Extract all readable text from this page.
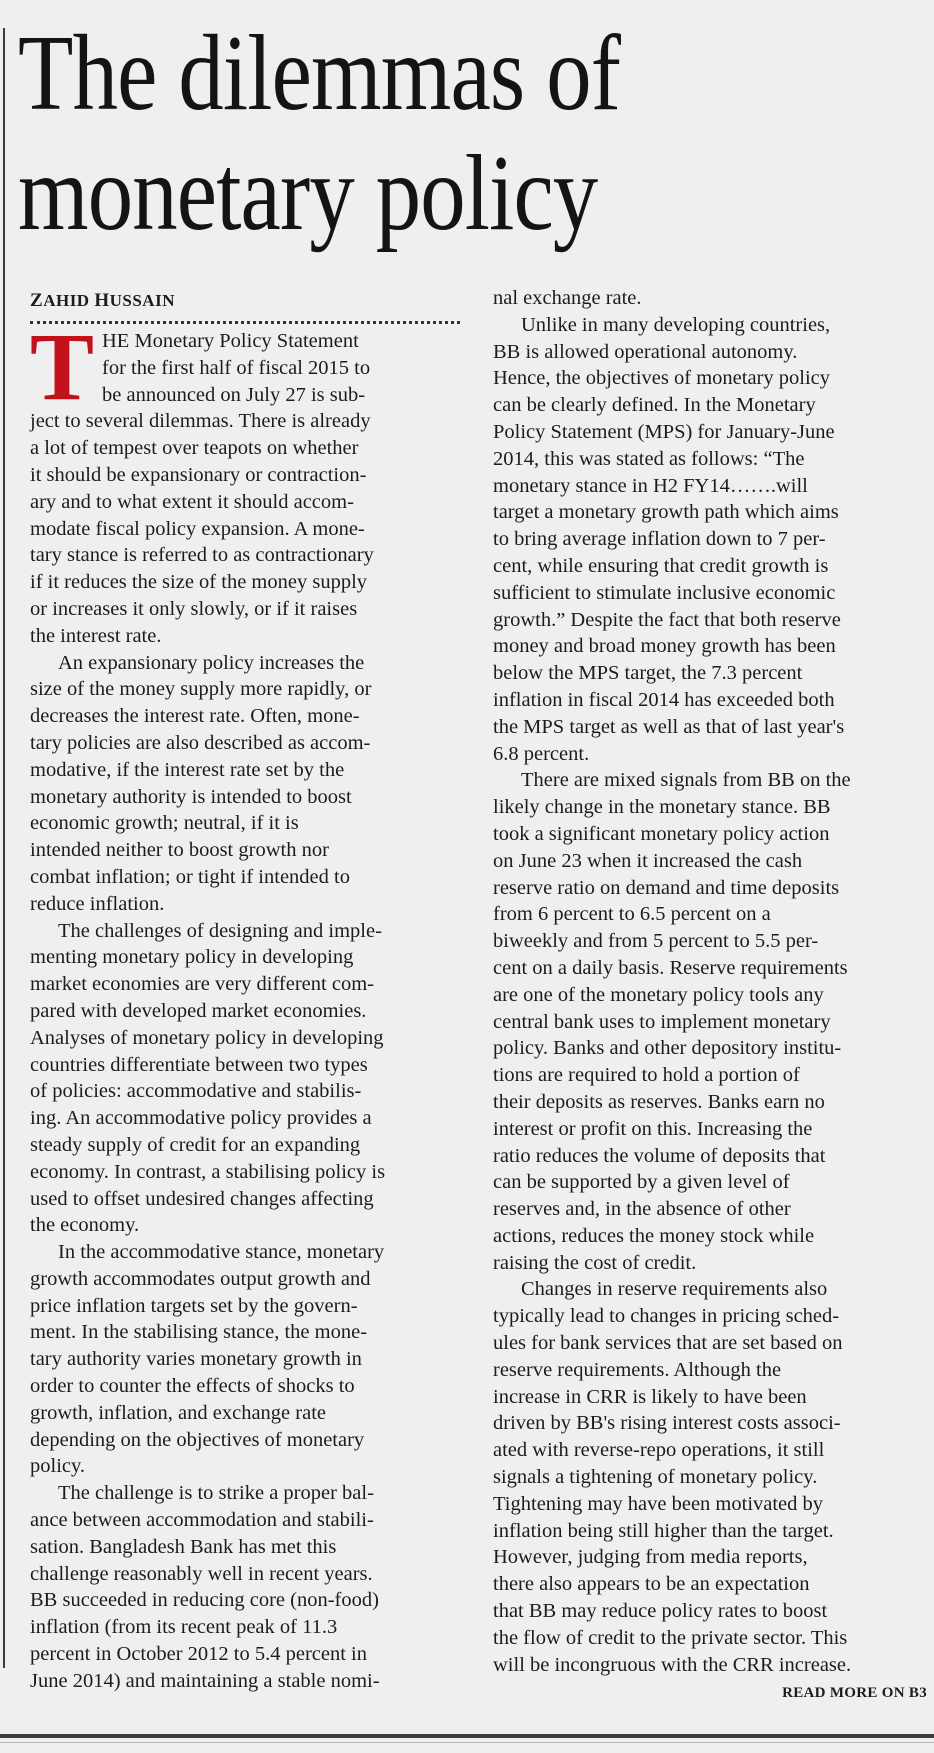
The dilemmas of
monetary policy
ZAHID HUSSAIN
T HE Monetary Policy Statement
for the first half of fiscal 2015 to
be announced on July 27 is sub-
ject to several dilemmas. There is already
a lot of tempest over teapots on whether
it should be expansionary or contraction-
ary and to what extent it should accom-
modate fiscal policy expansion. A mone-
tary stance is referred to as contractionary
if it reduces the size of the money supply
or increases it only slowly, or if it raises
the interest rate.
An expansionary policy increases the
size of the money supply more rapidly, or
decreases the interest rate. Often, mone-
tary policies are also described as accom-
modative, if the interest rate set by the
monetary authority is intended to boost
economic growth; neutral, if it is
intended neither to boost growth nor
combat inflation; or tight if intended to
reduce inflation.
The challenges of designing and imple-
menting monetary policy in developing
market economies are very different com-
pared with developed market economies.
Analyses of monetary policy in developing
countries differentiate between two types
of policies: accommodative and stabilis-
ing. An accommodative policy provides a
steady supply of credit for an expanding
economy. In contrast, a stabilising policy is
used to offset undesired changes affecting
the economy.
In the accommodative stance, monetary
growth accommodates output growth and
price inflation targets set by the govern-
ment. In the stabilising stance, the mone-
tary authority varies monetary growth in
order to counter the effects of shocks to
growth, inflation, and exchange rate
depending on the objectives of monetary
policy.
The challenge is to strike a proper bal-
ance between accommodation and stabili-
sation. Bangladesh Bank has met this
challenge reasonably well in recent years.
BB succeeded in reducing core (non-food)
inflation (from its recent peak of 11.3
percent in October 2012 to 5.4 percent in
June 2014) and maintaining a stable nomi-
nal exchange rate.
Unlike in many developing countries,
BB is allowed operational autonomy.
Hence, the objectives of monetary policy
can be clearly defined. In the Monetary
Policy Statement (MPS) for January-June
2014, this was stated as follows: “The
monetary stance in H2 FY14…….will
target a monetary growth path which aims
to bring average inflation down to 7 per-
cent, while ensuring that credit growth is
sufficient to stimulate inclusive economic
growth.” Despite the fact that both reserve
money and broad money growth has been
below the MPS target, the 7.3 percent
inflation in fiscal 2014 has exceeded both
the MPS target as well as that of last year's
6.8 percent.
There are mixed signals from BB on the
likely change in the monetary stance. BB
took a significant monetary policy action
on June 23 when it increased the cash
reserve ratio on demand and time deposits
from 6 percent to 6.5 percent on a
biweekly and from 5 percent to 5.5 per-
cent on a daily basis. Reserve requirements
are one of the monetary policy tools any
central bank uses to implement monetary
policy. Banks and other depository institu-
tions are required to hold a portion of
their deposits as reserves. Banks earn no
interest or profit on this. Increasing the
ratio reduces the volume of deposits that
can be supported by a given level of
reserves and, in the absence of other
actions, reduces the money stock while
raising the cost of credit.
Changes in reserve requirements also
typically lead to changes in pricing sched-
ules for bank services that are set based on
reserve requirements. Although the
increase in CRR is likely to have been
driven by BB's rising interest costs associ-
ated with reverse-repo operations, it still
signals a tightening of monetary policy.
Tightening may have been motivated by
inflation being still higher than the target.
However, judging from media reports,
there also appears to be an expectation
that BB may reduce policy rates to boost
the flow of credit to the private sector. This
will be incongruous with the CRR increase.
READ MORE ON B3
